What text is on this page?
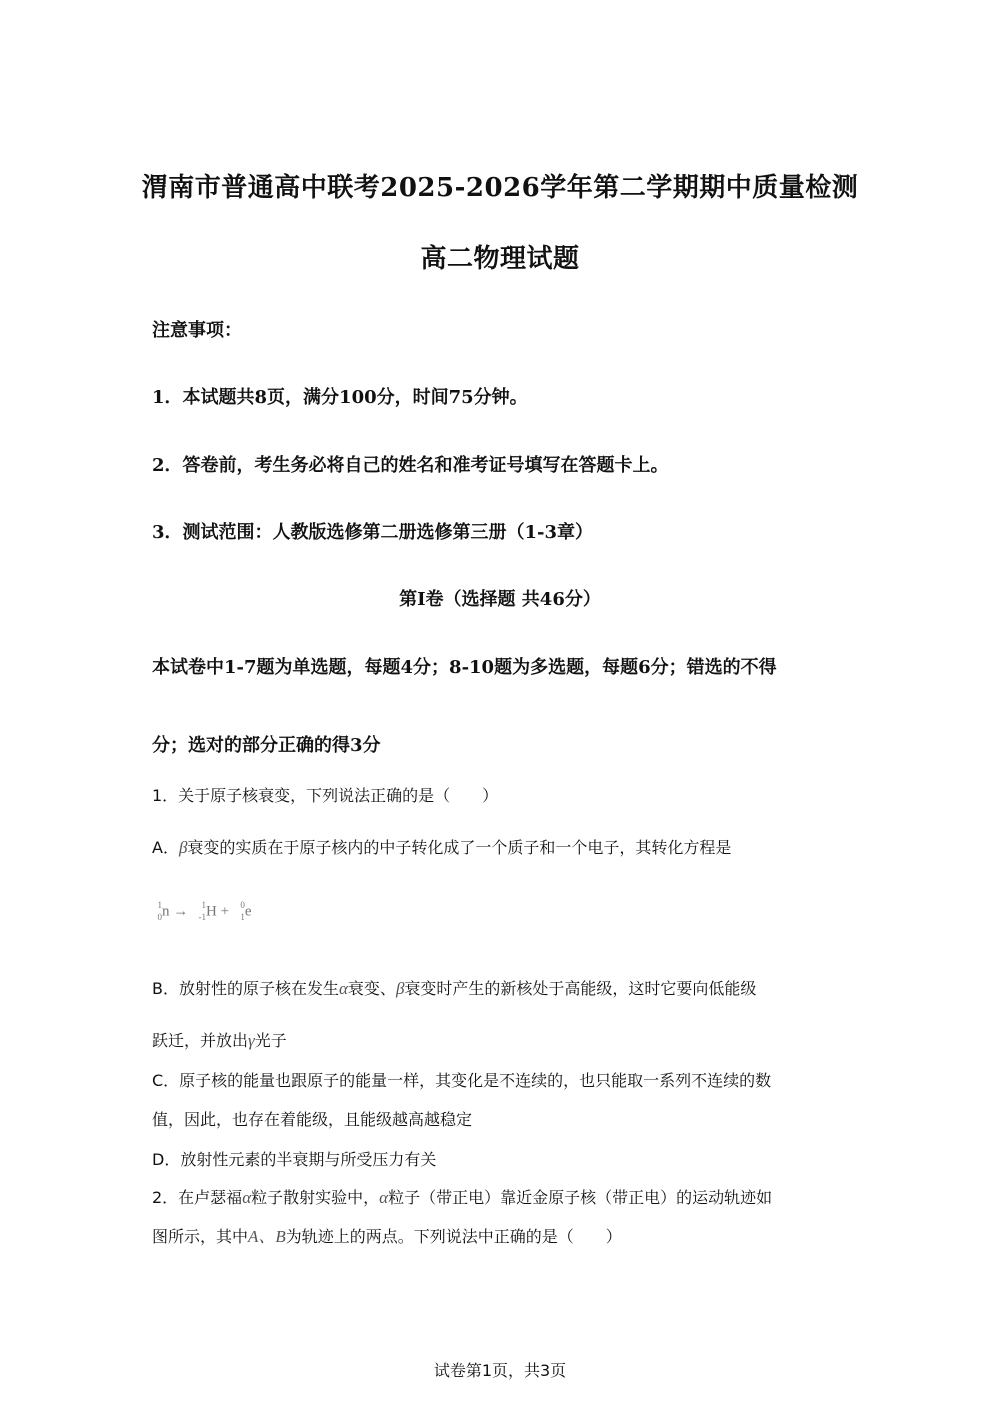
渭南市普通高中联考2025-2026学年第二学期期中质量检测
高二物理试题
注意事项：
1．本试题共8页，满分100分，时间75分钟。
2．答卷前，考生务必将自己的姓名和准考证号填写在答题卡上。
3．测试范围：人教版选修第二册选修第三册（1-3章）
第Ⅰ卷（选择题 共46分）
本试卷中1-7题为单选题，每题4分；8-10题为多选题，每题6分；错选的不得
分；选对的部分正确的得3分
1．关于原子核衰变，下列说法正确的是（　　）
A．β衰变的实质在于原子核内的中子转化成了一个质子和一个电子，其转化方程是
1
0 n → 1
-1 H + 0
1 e
B．放射性的原子核在发生α衰变、β衰变时产生的新核处于高能级，这时它要向低能级
跃迁，并放出γ光子
C．原子核的能量也跟原子的能量一样，其变化是不连续的，也只能取一系列不连续的数
值，因此，也存在着能级，且能级越高越稳定
D．放射性元素的半衰期与所受压力有关
2．在卢瑟福α粒子散射实验中，α粒子（带正电）靠近金原子核（带正电）的运动轨迹如
图所示，其中A、B为轨迹上的两点。下列说法中正确的是（　　）
试卷第1页，共3页
